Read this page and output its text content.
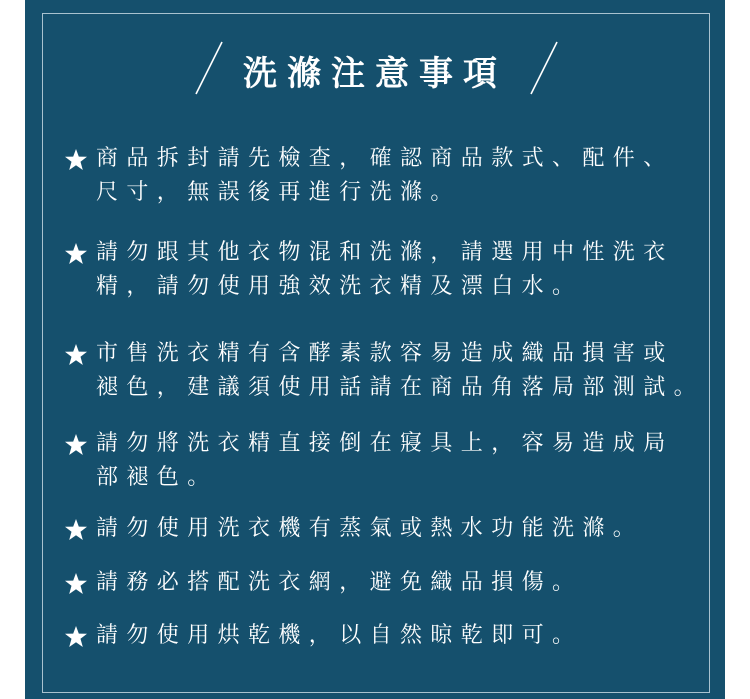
洗滌注意事項
商品拆封請先檢查，確認商品款式、配件、
尺寸，無誤後再進行洗滌。
請勿跟其他衣物混和洗滌，請選用中性洗衣
精，請勿使用強效洗衣精及漂白水。
市售洗衣精有含酵素款容易造成織品損害或
褪色，建議須使用話請在商品角落局部測試。
請勿將洗衣精直接倒在寢具上，容易造成局
部褪色。
請勿使用洗衣機有蒸氣或熱水功能洗滌。
請務必搭配洗衣網，避免織品損傷。
請勿使用烘乾機，以自然晾乾即可。
